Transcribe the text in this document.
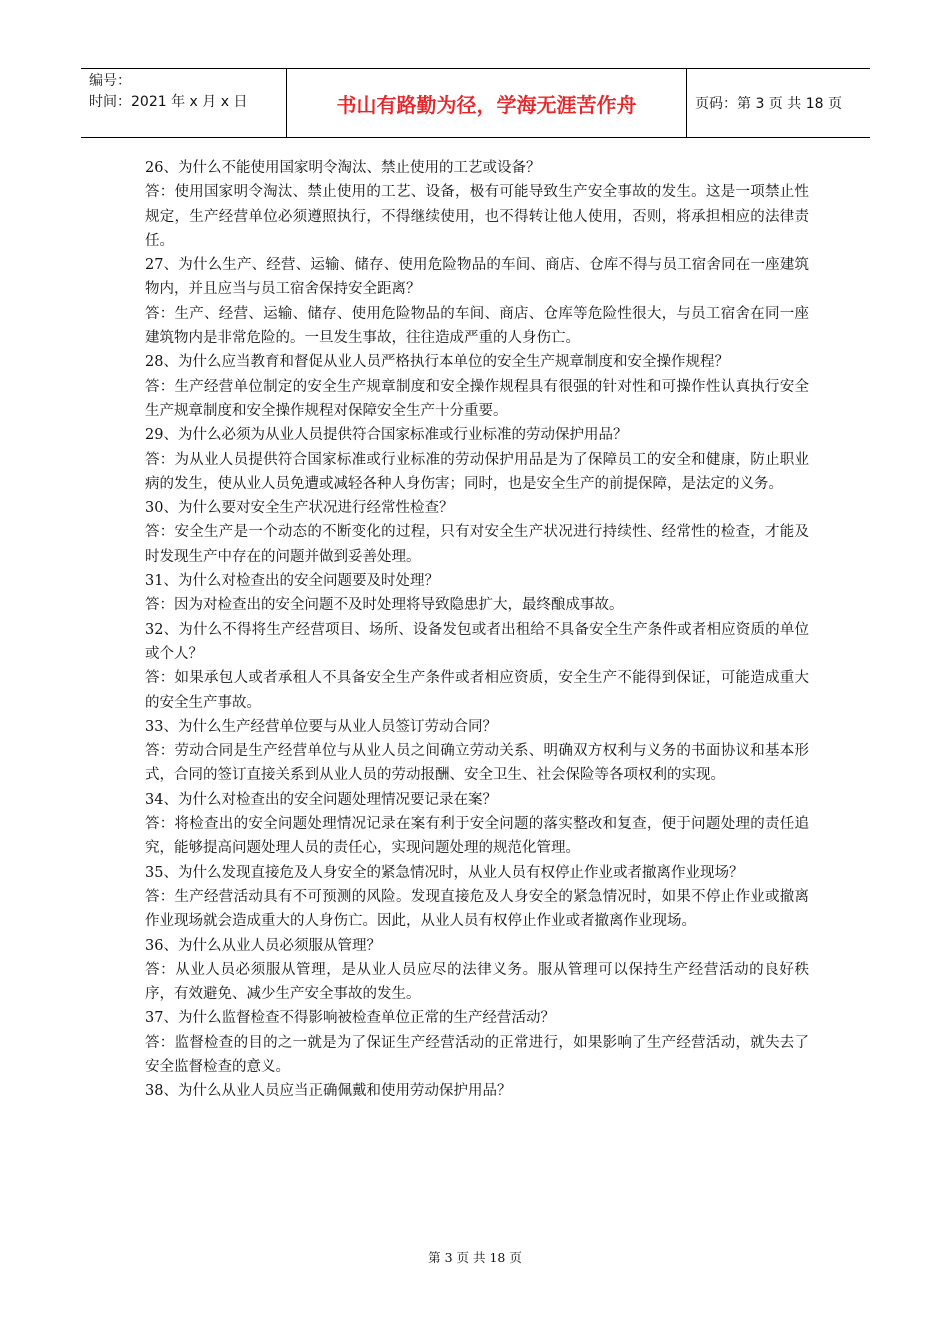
编号：
时间：2021 年 x 月 x 日	书山有路勤为径，学海无涯苦作舟	页码：第 3 页 共 18 页

26、为什么不能使用国家明令淘汰、禁止使用的工艺或设备？

答：使用国家明令淘汰、禁止使用的工艺、设备，极有可能导致生产安全事故的发生。这是一项禁止性规定，生产经营单位必须遵照执行，不得继续使用，也不得转让他人使用，否则，将承担相应的法律责任。

27、为什么生产、经营、运输、储存、使用危险物品的车间、商店、仓库不得与员工宿舍同在一座建筑物内，并且应当与员工宿舍保持安全距离？

答：生产、经营、运输、储存、使用危险物品的车间、商店、仓库等危险性很大，与员工宿舍在同一座建筑物内是非常危险的。一旦发生事故，往往造成严重的人身伤亡。

28、为什么应当教育和督促从业人员严格执行本单位的安全生产规章制度和安全操作规程？

答：生产经营单位制定的安全生产规章制度和安全操作规程具有很强的针对性和可操作性认真执行安全生产规章制度和安全操作规程对保障安全生产十分重要。

29、为什么必须为从业人员提供符合国家标准或行业标准的劳动保护用品？

答：为从业人员提供符合国家标准或行业标准的劳动保护用品是为了保障员工的安全和健康，防止职业病的发生，使从业人员免遭或减轻各种人身伤害；同时，也是安全生产的前提保障，是法定的义务。

30、为什么要对安全生产状况进行经常性检查？

答：安全生产是一个动态的不断变化的过程，只有对安全生产状况进行持续性、经常性的检查，才能及时发现生产中存在的问题并做到妥善处理。

31、为什么对检查出的安全问题要及时处理？

答：因为对检查出的安全问题不及时处理将导致隐患扩大，最终酿成事故。

32、为什么不得将生产经营项目、场所、设备发包或者出租给不具备安全生产条件或者相应资质的单位或个人？

答：如果承包人或者承租人不具备安全生产条件或者相应资质，安全生产不能得到保证，可能造成重大的安全生产事故。

33、为什么生产经营单位要与从业人员签订劳动合同？

答：劳动合同是生产经营单位与从业人员之间确立劳动关系、明确双方权利与义务的书面协议和基本形式，合同的签订直接关系到从业人员的劳动报酬、安全卫生、社会保险等各项权利的实现。

34、为什么对检查出的安全问题处理情况要记录在案？

答：将检查出的安全问题处理情况记录在案有利于安全问题的落实整改和复查，便于问题处理的责任追究，能够提高问题处理人员的责任心，实现问题处理的规范化管理。

35、为什么发现直接危及人身安全的紧急情况时，从业人员有权停止作业或者撤离作业现场？

答：生产经营活动具有不可预测的风险。发现直接危及人身安全的紧急情况时，如果不停止作业或撤离作业现场就会造成重大的人身伤亡。因此，从业人员有权停止作业或者撤离作业现场。

36、为什么从业人员必须服从管理？

答：从业人员必须服从管理，是从业人员应尽的法律义务。服从管理可以保持生产经营活动的良好秩序，有效避免、减少生产安全事故的发生。

37、为什么监督检查不得影响被检查单位正常的生产经营活动？

答：监督检查的目的之一就是为了保证生产经营活动的正常进行，如果影响了生产经营活动，就失去了安全监督检查的意义。

38、为什么从业人员应当正确佩戴和使用劳动保护用品？

第 3 页 共 18 页
